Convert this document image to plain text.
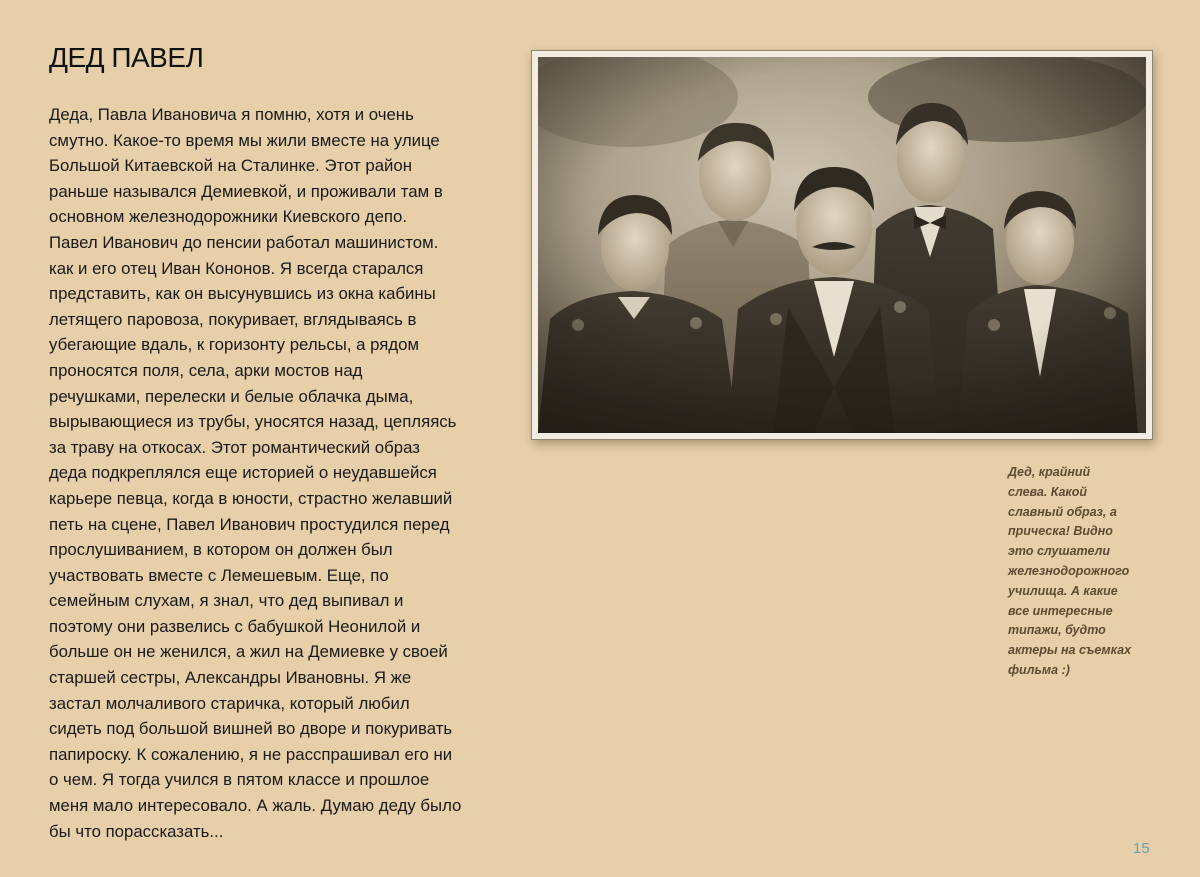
ДЕД ПАВЕЛ
Деда, Павла Ивановича я помню, хотя и очень
смутно. Какое-то время мы жили вместе на улице
Большой Китаевской на Сталинке. Этот район
раньше назывался Демиевкой, и проживали там в
основном железнодорожники Киевского депо.
Павел Иванович до пенсии работал машинистом.
как и его отец Иван Кононов. Я всегда старался
представить, как он высунувшись из окна кабины
летящего паровоза, покуривает, вглядываясь в
убегающие вдаль, к горизонту рельсы, а рядом
проносятся поля, села, арки мостов над
речушками, перелески и белые облачка дыма,
вырывающиеся из трубы, уносятся назад, цепляясь
за траву на откосах. Этот романтический образ
деда подкреплялся еще историей о неудавшейся
карьере певца, когда в юности, страстно желавший
петь на сцене, Павел Иванович простудился перед
прослушиванием, в котором он должен был
участвовать вместе с Лемешевым. Еще, по
семейным слухам, я знал, что дед выпивал и
поэтому они развелись с бабушкой Неонилой и
больше он не женился, а жил на Демиевке у своей
старшей сестры, Александры Ивановны. Я же
застал молчаливого старичка, который любил
сидеть под большой вишней во дворе и покуривать
папироску. К сожалению, я не расспрашивал его ни
о чем. Я тогда учился в пятом классе и прошлое
меня мало интересовало. А жаль. Думаю деду было
бы что порассказать...
Дед, крайний
слева. Какой
славный образ, а
прическа! Видно
это слушатели
железнодорожного
училища. А какие
все интересные
типажи, будто
актеры на съемках
фильма :)
15
